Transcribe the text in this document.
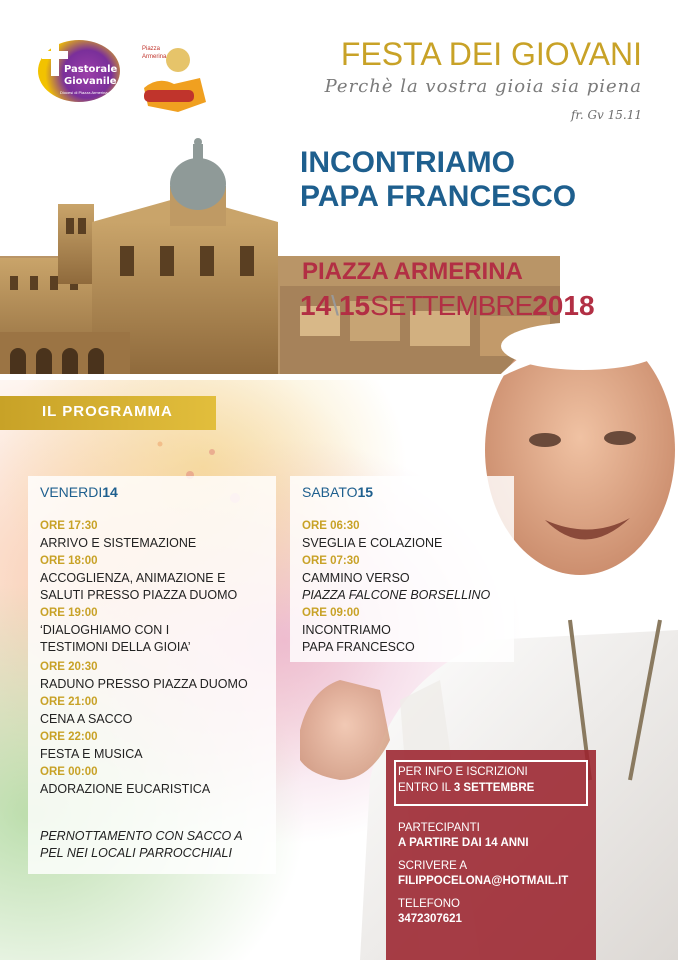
Pastorale
Giovanile
Diocesi di Piazza Armerina
Piazza
Armerina	FESTA DEI GIOVANI
Perchè la vostra gioia sia piena
fr. Gv 15.11
INCONTRIAMO
PAPA FRANCESCO
PIAZZA ARMERINA
14\15SETTEMBRE2018
IL PROGRAMMA
VENERDI14
ORE 17:30
ARRIVO E SISTEMAZIONE
ORE 18:00
ACCOGLIENZA, ANIMAZIONE E
SALUTI PRESSO PIAZZA DUOMO
ORE 19:00
‘DIALOGHIAMO CON I
TESTIMONI DELLA GIOIA’
ORE 20:30
RADUNO PRESSO PIAZZA DUOMO
ORE 21:00
CENA A SACCO
ORE 22:00
FESTA E MUSICA
ORE 00:00
ADORAZIONE EUCARISTICA
PERNOTTAMENTO CON SACCO A
PEL NEI LOCALI PARROCCHIALI
SABATO15
ORE 06:30
SVEGLIA E COLAZIONE
ORE 07:30
CAMMINO VERSO
PIAZZA FALCONE BORSELLINO
ORE 09:00
INCONTRIAMO
PAPA FRANCESCO
PER INFO E ISCRIZIONI
ENTRO IL 3 SETTEMBRE
PARTECIPANTI
A PARTIRE DAI 14 ANNI
SCRIVERE A
FILIPPOCELONA@HOTMAIL.IT
TELEFONO
3472307621
